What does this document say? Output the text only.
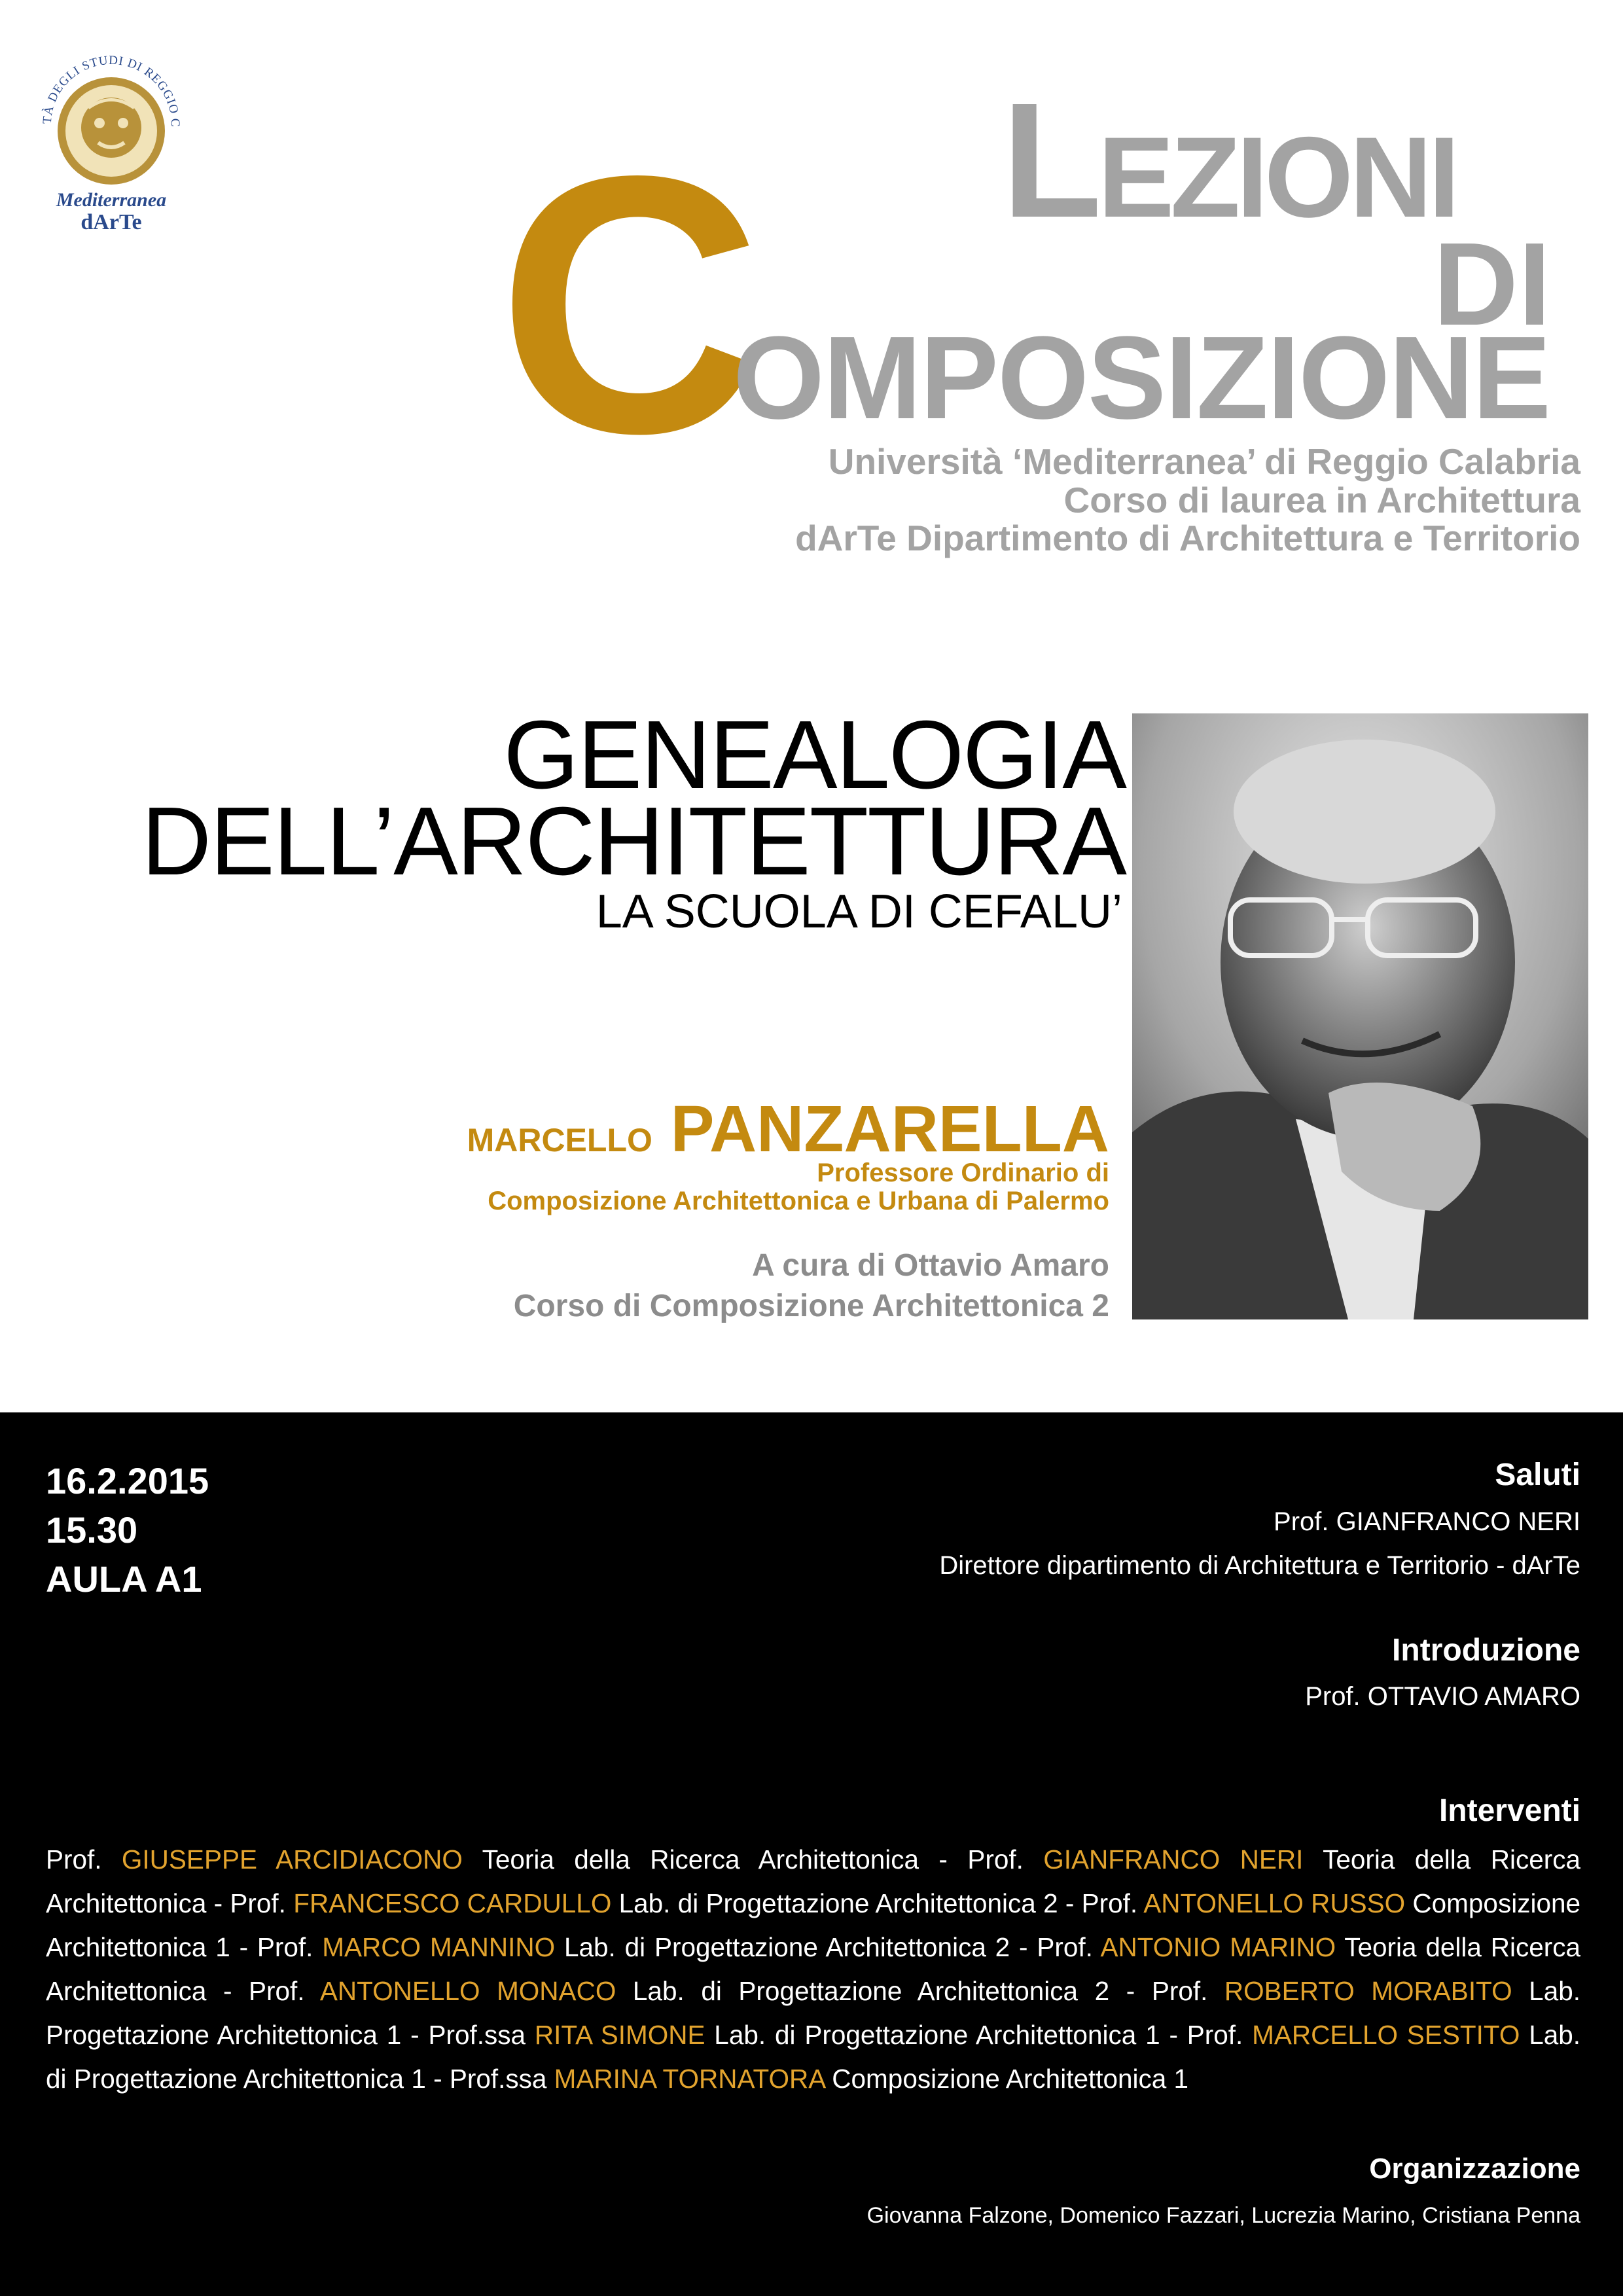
TÀ DEGLI STUDI DI REGGIO C
Mediterranea
dArTe C LEZIONI
DI
OMPOSIZIONE
Università ‘Mediterranea’ di Reggio Calabria
Corso di laurea in Architettura
dArTe Dipartimento di Architettura e Territorio
GENEALOGIA
DELL’ARCHITETTURA
LA SCUOLA DI CEFALU’
MARCELLO PANZARELLA
Professore Ordinario di
Composizione Architettonica e Urbana di Palermo
A cura di Ottavio Amaro
Corso di Composizione Architettonica 2
16.2.2015
15.30
AULA A1
Saluti
Prof. GIANFRANCO NERI
Direttore dipartimento di Architettura e Territorio - dArTe
Introduzione
Prof. OTTAVIO AMARO
Interventi
Prof. GIUSEPPE ARCIDIACONO Teoria della Ricerca Architettonica - Prof. GIANFRANCO NERI Teoria della Ricerca Architettonica - Prof. FRANCESCO CARDULLO Lab. di Progettazione Architettonica 2 - Prof. ANTONELLO RUSSO Composizione Architettonica 1 - Prof. MARCO MANNINO Lab. di Progettazione Architettonica 2 - Prof. ANTONIO MARINO Teoria della Ricerca Architettonica - Prof. ANTONELLO MONACO Lab. di Progettazione Architettonica 2 - Prof. ROBERTO MORABITO Lab. Progettazione Architettonica 1 - Prof.ssa RITA SIMONE Lab. di Progettazione Architettonica 1 - Prof. MARCELLO SESTITO Lab. di Progettazione Architettonica 1 - Prof.ssa MARINA TORNATORA Composizione Architettonica 1
Organizzazione
Giovanna Falzone, Domenico Fazzari, Lucrezia Marino, Cristiana Penna
